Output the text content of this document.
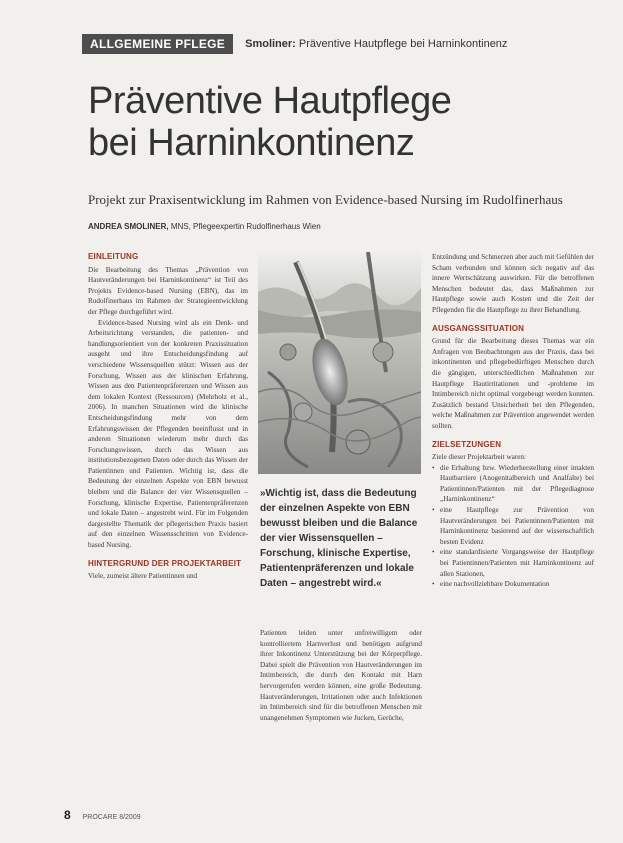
ALLGEMEINE PFLEGE	Smoliner: Präventive Hautpflege bei Harninkontinenz
Präventive Hautpflege
bei Harninkontinenz
Projekt zur Praxisentwicklung im Rahmen von Evidence-based Nursing im Rudolfinerhaus
ANDREA SMOLINER, MNS, Pflegeexpertin Rudolfinerhaus Wien
EINLEITUNG

Die Bearbeitung des Themas „Prävention von Hautveränderungen bei Harninkontinenz“ ist Teil des Projekts Evidence-based Nursing (EBN), das im Rudolfinerhaus im Rahmen der Strategieentwicklung der Pflege durchgeführt wird.

Evidence-based Nursing wird als ein Denk- und Arbeitsrichtung verstanden, die patienten- und handlungsorientiert von der konkreten Praxissituation ausgeht und ihre Entscheidungsfindung auf verschiedene Wissensquellen stützt: Wissen aus der Forschung, Wissen aus der klinischen Erfahrung, Wissen aus den Patientenpräferenzen und Wissen aus dem lokalen Kontext (Ressourcen) (Mehrholz et al., 2006). In manchen Situationen wird die klinische Entscheidungsfindung mehr von dem Erfahrungswissen der Pflegenden beeinflusst und in anderen Situationen wiederum mehr durch das Forschungswissen, durch das Wissen aus institutionsbezogenen Daten oder durch das Wissen der Patientinnen und Patienten. Wichtig ist, dass die Bedeutung der einzelnen Aspekte von EBN bewusst bleiben und die Balance der vier Wissensquellen – Forschung, klinische Expertise, Patientenpräferenzen und lokale Daten – angestrebt wird. Für im Folgenden dargestellte Thematik der pflegerischen Praxis basiert auf den einzelnen Wissensschritten von Evidence-based Nursing.

HINTERGRUND DER PROJEKTARBEIT

Viele, zumeist ältere Patientinnen und

»Wichtig ist, dass die Bedeutung der einzelnen Aspekte von EBN bewusst bleiben und die Balance der vier Wissensquellen – Forschung, klinische Expertise, Patientenpräferenzen und lokale Daten – angestrebt wird.«

Patienten leiden unter unfreiwilligem oder kontrolliertem Harnverlust und benötigen aufgrund ihrer Inkontinenz Unterstützung bei der Körperpflege. Dabei spielt die Prävention von Hautveränderungen im Intimbereich, die durch den Kontakt mit Harn hervorgerufen werden können, eine große Bedeutung. Hautveränderungen, Irritationen oder auch Infektionen im Intimbereich sind für die betroffenen Menschen mit unangenehmen Symptomen wie Jucken, Gerüche,

Entzündung und Schmerzen aber auch mit Gefühlen der Scham verbunden und können sich negativ auf das innere Wertschätzung auswirken. Für die betroffenen Menschen bedeutet das, dass Maßnahmen zur Hautpflege sowie auch Kosten und die Zeit der Pflegenden für die Hautpflege zu ihrer Behandlung.

AUSGANGSSITUATION

Grund für die Bearbeitung dieses Themas war ein Anfragen von Beobachtungen aus der Praxis, dass bei inkontinenten und pflegebedürftigen Menschen durch die gängigen, unterschiedlichen Maßnahmen zur Hautpflege Hautirritationen und -probleme im Intimbereich nicht optimal vorgebeugt werden konnten. Zusätzlich bestand Unsicherheit bei den Pflegenden, welche Maßnahmen zur Prävention angewendet werden sollten.

ZIELSETZUNGEN

Ziele dieser Projektarbeit waren:

• die Erhaltung bzw. Wiederherstellung einer intakten Hautbarriere (Anogenitalbereich und Analfalte) bei Patientinnen/Patienten mit der Pflegediagnose „Harninkontinenz“
• eine Hautpflege zur Prävention von Hautveränderungen bei Patientinnen/Patienten mit Harninkontinenz basierend auf der wissenschaftlich besten Evidenz
• eine standardisierte Vorgangsweise der Hautpflege bei Patientinnen/Patienten mit Harninkontinenz auf allen Stationen,
• eine nachvollziehbare Dokumentation
8 PROCARE 8/2009
